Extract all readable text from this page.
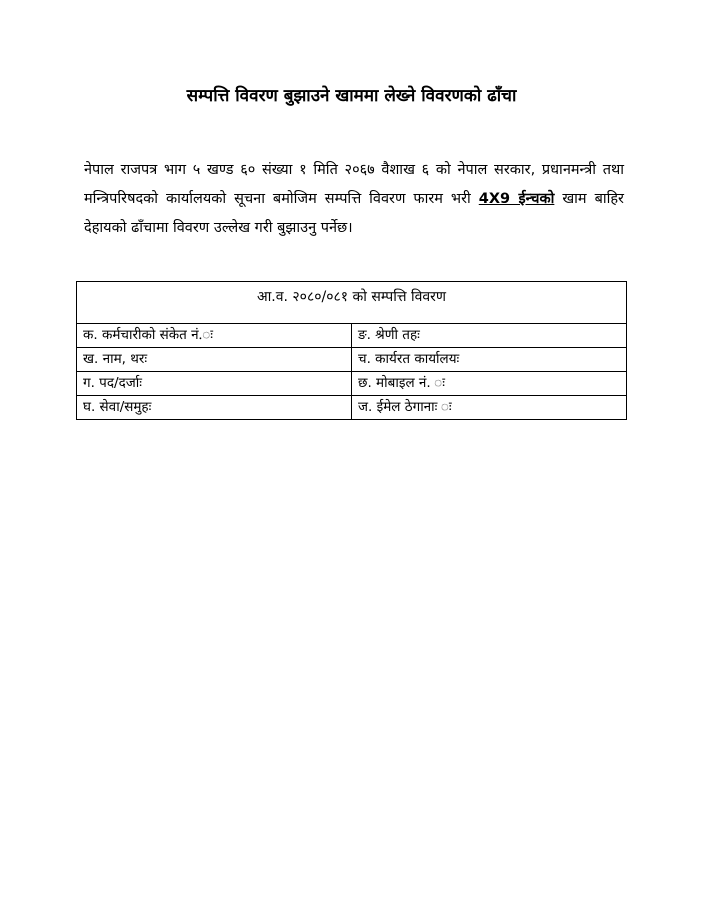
सम्पत्ति विवरण बुझाउने खाममा लेख्ने विवरणको ढाँचा

नेपाल राजपत्र भाग ५ खण्ड ६० संख्या १ मिति २०६७ वैशाख ६ को नेपाल सरकार, प्रधानमन्त्री तथा मन्त्रिपरिषदको कार्यालयको सूचना बमोजिम सम्पत्ति विवरण फारम भरी 4X9 ईन्चको खाम बाहिर देहायको ढाँचामा विवरण उल्लेख गरी बुझाउनु पर्नेछ।

आ.व. २०८०/०८१ को सम्पत्ति विवरण	
क. कर्मचारीको संकेत नं.ः	ङ. श्रेणी तहः
ख. नाम, थरः	च. कार्यरत कार्यालयः
ग. पद/दर्जाः	छ. मोबाइल नं. ः
घ. सेवा/समुहः	ज. ईमेल ठेगानाः ः
